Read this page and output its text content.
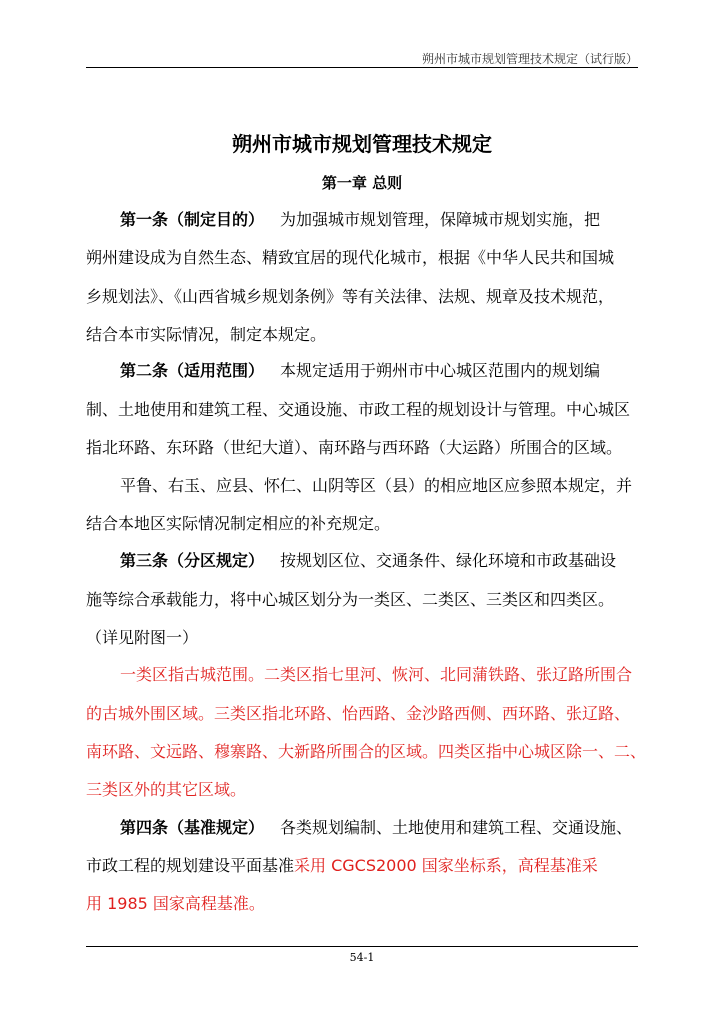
朔州市城市规划管理技术规定（试行版）
朔州市城市规划管理技术规定
第一章 总则
第一条（制定目的） 为加强城市规划管理，保障城市规划实施，把
朔州建设成为自然生态、精致宜居的现代化城市，根据《中华人民共和国城
乡规划法》、《山西省城乡规划条例》等有关法律、法规、规章及技术规范，
结合本市实际情况，制定本规定。
第二条（适用范围） 本规定适用于朔州市中心城区范围内的规划编
制、土地使用和建筑工程、交通设施、市政工程的规划设计与管理。中心城区
指北环路、东环路（世纪大道）、南环路与西环路（大运路）所围合的区域。
平鲁、右玉、应县、怀仁、山阴等区（县）的相应地区应参照本规定，并
结合本地区实际情况制定相应的补充规定。
第三条（分区规定） 按规划区位、交通条件、绿化环境和市政基础设
施等综合承载能力，将中心城区划分为一类区、二类区、三类区和四类区。
（详见附图一）
一类区指古城范围。二类区指七里河、恢河、北同蒲铁路、张辽路所围合
的古城外围区域。三类区指北环路、怡西路、金沙路西侧、西环路、张辽路、
南环路、文远路、穆寨路、大新路所围合的区域。四类区指中心城区除一、二、
三类区外的其它区域。
第四条（基准规定） 各类规划编制、土地使用和建筑工程、交通设施、
市政工程的规划建设平面基准采用 CGCS2000 国家坐标系，高程基准采
用 1985 国家高程基准。
54-1
